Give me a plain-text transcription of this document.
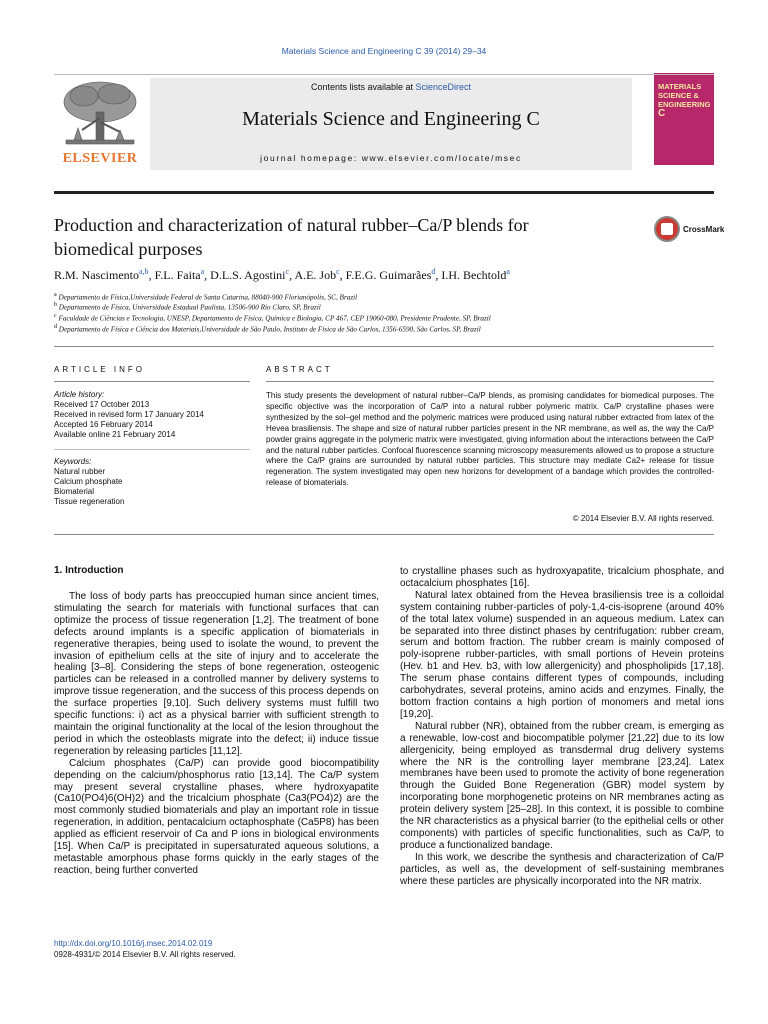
Materials Science and Engineering C 39 (2014) 29–34
ELSEVIER
Contents lists available at ScienceDirect
Materials Science and Engineering C
journal homepage: www.elsevier.com/locate/msec
MATERIALS
SCIENCE &
ENGINEERING
C
Production and characterization of natural rubber–Ca/P blends for
biomedical purposes
CrossMark
R.M. Nascimento$^{a,b}$, F.L. Faita$^a$, D.L.S. Agostini$^c$, A.E. Job$^c$, F.E.G. Guimarães$^d$, I.H. Bechtold$^a$
$^a$ Departamento de Física,Universidade Federal de Santa Catarina, 88040-900 Florianópolis, SC, Brazil
$^b$ Departamento de Física, Universidade Estadual Paulista, 13506-900 Rio Claro, SP, Brazil
$^c$ Faculdade de Ciências e Tecnologia, UNESP, Departamento de Física, Química e Biologia, CP 467, CEP 19060-080, Presidente Prudente, SP, Brazil
$^d$ Departamento de Física e Ciência dos Materiais,Universidade de São Paulo, Instituto de Física de São Carlos, 1356-6590, São Carlos, SP, Brazil
ARTICLE INFO
Article history:
Received 17 October 2013
Received in revised form 17 January 2014
Accepted 16 February 2014
Available online 21 February 2014
Keywords:
Natural rubber
Calcium phosphate
Biomaterial
Tissue regeneration
ABSTRACT
This study presents the development of natural rubber–Ca/P blends, as promising candidates for biomedical purposes. The specific objective was the incorporation of Ca/P into a natural rubber polymeric matrix. Ca/P crystalline phases were synthesized by the sol–gel method and the polymeric matrices were produced using natural rubber extracted from latex of the Hevea brasiliensis. The shape and size of natural rubber particles present in the NR membrane, as well as, the way the Ca/P powder grains aggregate in the polymeric matrix were investigated, giving information about the interactions between the Ca/P and the natural rubber particles. Confocal fluorescence scanning microscopy measurements allowed us to propose a structure where the Ca/P grains are surrounded by natural rubber particles. This structure may mediate Ca2+ release for tissue regeneration. The system investigated may open new horizons for development of a bandage which provides the controlled-release of biomaterials.
© 2014 Elsevier B.V. All rights reserved.
1. Introduction

The loss of body parts has preoccupied human since ancient times, stimulating the search for materials with functional surfaces that can optimize the process of tissue regeneration [1,2]. The treatment of bone defects around implants is a specific application of biomaterials in regenerative therapies, being used to isolate the wound, to prevent the invasion of epithelium cells at the site of injury and to accelerate the healing [3–8]. Considering the steps of bone regeneration, osteogenic particles can be released in a controlled manner by delivery systems to improve tissue regeneration, and the success of this process depends on the surface properties [9,10]. Such delivery systems must fulfill two specific functions: i) act as a physical barrier with sufficient strength to maintain the original functionality at the local of the lesion throughout the period in which the osteoblasts migrate into the defect; ii) induce tissue regeneration by releasing particles [11,12].

Calcium phosphates (Ca/P) can provide good biocompatibility depending on the calcium/phosphorus ratio [13,14]. The Ca/P system may present several crystalline phases, where hydroxyapatite (Ca10(PO4)6(OH)2) and the tricalcium phosphate (Ca3(PO4)2) are the most commonly studied biomaterials and play an important role in tissue regeneration, in addition, pentacalcium octaphosphate (Ca5P8) has been applied as efficient reservoir of Ca and P ions in biological environments [15]. When Ca/P is precipitated in supersaturated aqueous solutions, a metastable amorphous phase forms quickly in the early stages of the reaction, being further converted

to crystalline phases such as hydroxyapatite, tricalcium phosphate, and octacalcium phosphates [16].

Natural latex obtained from the Hevea brasiliensis tree is a colloidal system containing rubber-particles of poly-1,4-cis-isoprene (around 40% of the total latex volume) suspended in an aqueous medium. Latex can be separated into three distinct phases by centrifugation: rubber cream, serum and bottom fraction. The rubber cream is mainly composed of poly-isoprene rubber-particles, with small portions of Hevein proteins (Hev. b1 and Hev. b3, with low allergenicity) and phospholipids [17,18]. The serum phase contains different types of compounds, including carbohydrates, several proteins, amino acids and enzymes. Finally, the bottom fraction contains a high portion of monomers and metal ions [19,20].

Natural rubber (NR), obtained from the rubber cream, is emerging as a renewable, low-cost and biocompatible polymer [21,22] due to its low allergenicity, being employed as transdermal drug delivery systems where the NR is the controlling layer membrane [23,24]. Latex membranes have been used to promote the activity of bone regeneration through the Guided Bone Regeneration (GBR) model system by incorporating bone morphogenetic proteins on NR membranes acting as protein delivery system [25–28]. In this context, it is possible to combine the NR characteristics as a physical barrier (to the epithelial cells or other components) with particles of specific functionalities, such as Ca/P, to produce a functionalized bandage.

In this work, we describe the synthesis and characterization of Ca/P particles, as well as, the development of self-sustaining membranes where these particles are physically incorporated into the NR matrix.

http://dx.doi.org/10.1016/j.msec.2014.02.019
0928-4931/© 2014 Elsevier B.V. All rights reserved.
